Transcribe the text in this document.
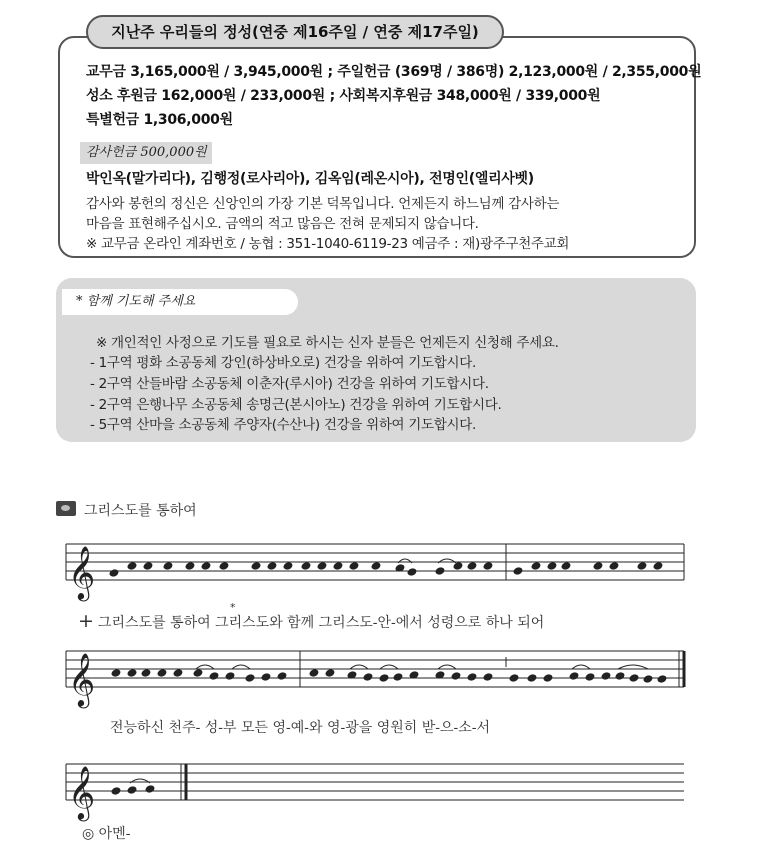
지난주 우리들의 정성(연중 제16주일 / 연중 제17주일)
교무금 3,165,000원 / 3,945,000원 ; 주일헌금 (369명 / 386명) 2,123,000원 / 2,355,000원
성소 후원금 162,000원 / 233,000원 ; 사회복지후원금 348,000원 / 339,000원
특별헌금 1,306,000원
감사헌금 500,000원
박인옥(말가리다), 김행정(로사리아), 김옥임(레온시아), 전명인(엘리사벳)
감사와 봉헌의 정신은 신앙인의 가장 기본 덕목입니다. 언제든지 하느님께 감사하는
마음을 표현해주십시오. 금액의 적고 많음은 전혀 문제되지 않습니다.
※ 교무금 온라인 계좌번호 / 농협 : 351-1040-6119-23 예금주 : 재)광주구천주교회
* 함께 기도해 주세요
※ 개인적인 사정으로 기도를 필요로 하시는 신자 분들은 언제든지 신청해 주세요.
- 1구역 평화 소공동체 강인(하상바오로) 건강을 위하여 기도합시다.
- 2구역 산들바람 소공동체 이춘자(루시아) 건강을 위하여 기도합시다.
- 2구역 은행나무 소공동체 송명근(본시아노) 건강을 위하여 기도합시다.
- 5구역 산마을 소공동체 주양자(수산나) 건강을 위하여 기도합시다.
그리스도를 통하여
𝄞
𝄞
𝄞
+
*
그리스도를 통하여 그리스도와 함께 그리스도-안-에서 성령으로 하나 되어
전능하신 천주- 성-부 모든 영-예-와 영-광을 영원히 받-으-소-서
◎ 아멘-
